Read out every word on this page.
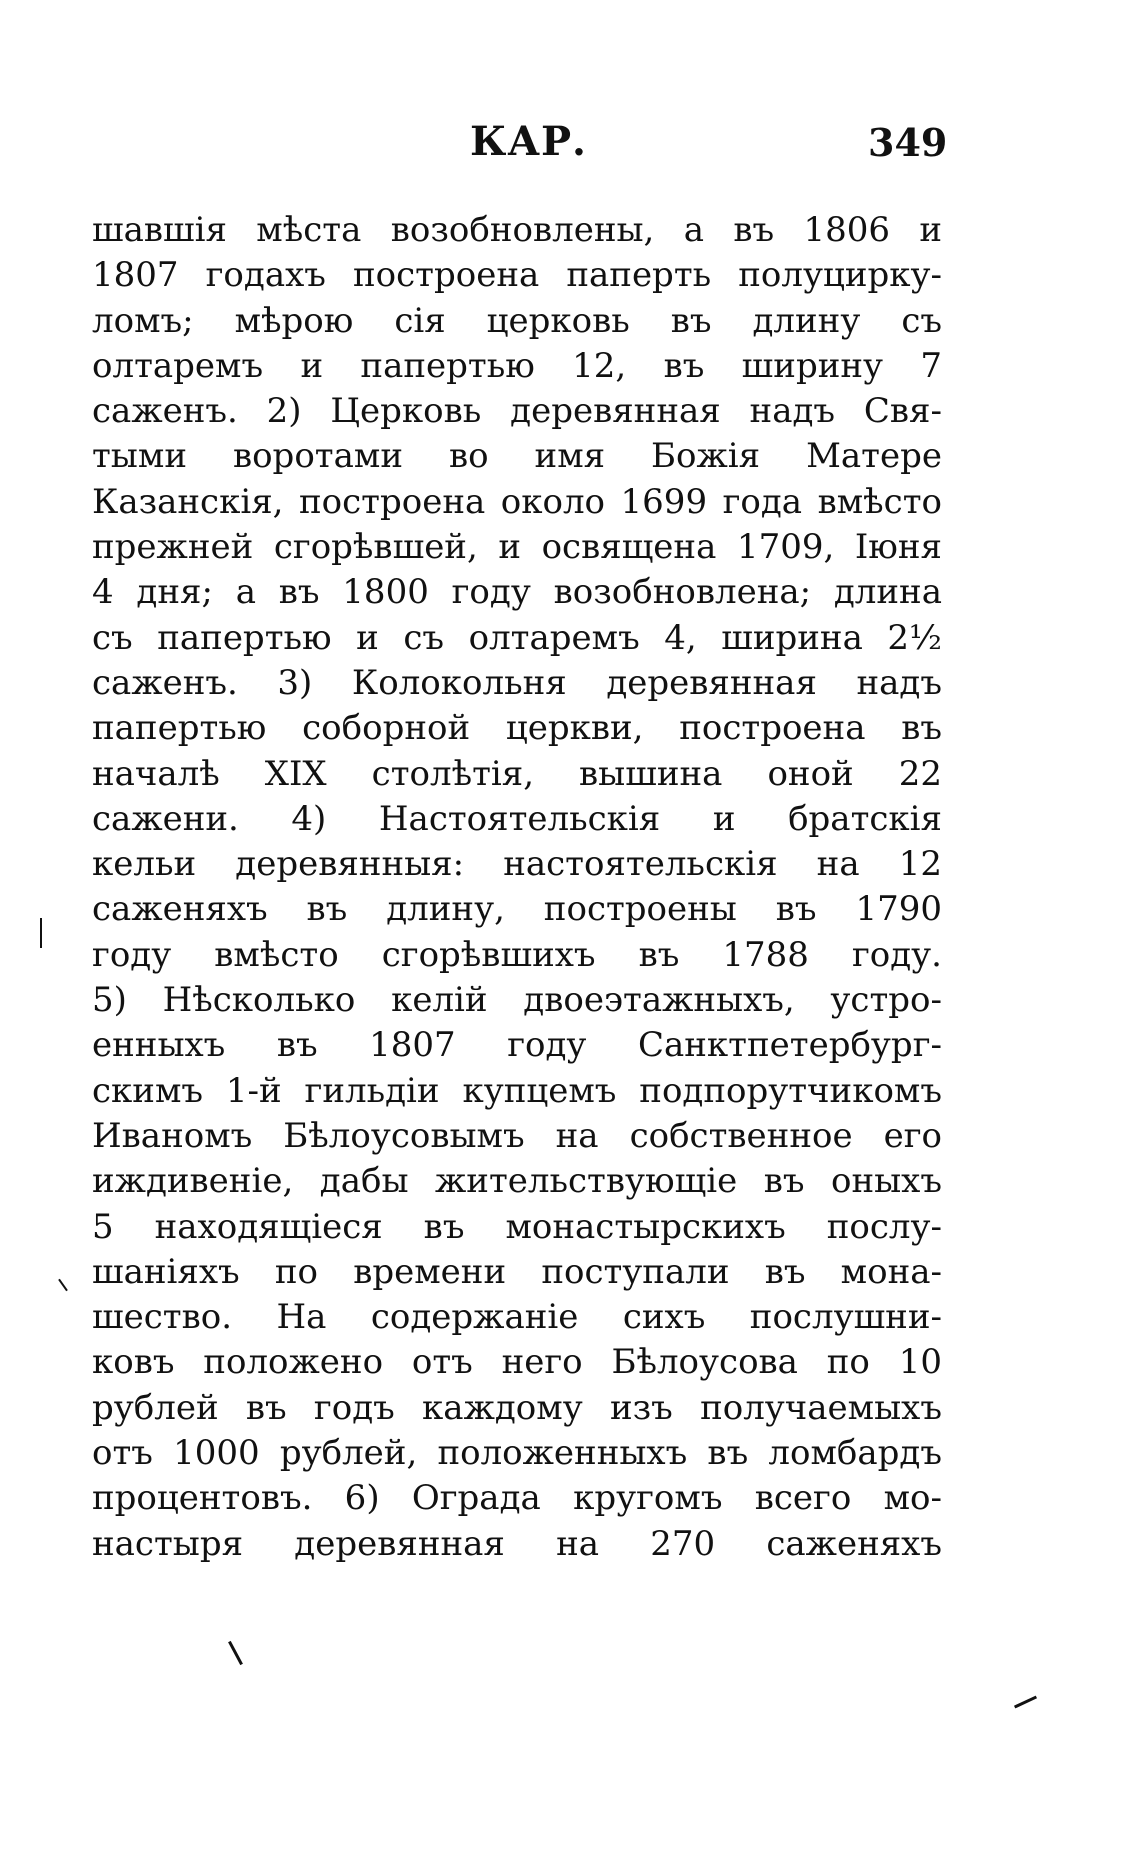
КАР.	349
шавшія мѣста возобновлены, а въ 1806 и
1807 годахъ построена паперть полуцирку-
ломъ; мѣрою сія церковь въ длину съ
олтаремъ и папертью 12, въ ширину 7
саженъ. 2) Церковь деревянная надъ Свя-
тыми воротами во имя Божія Матере
Казанскія, построена около 1699 года вмѣсто
прежней сгорѣвшей, и освящена 1709, Іюня
4 дня; а въ 1800 году возобновлена; длина
съ папертью и съ олтаремъ 4, ширина 2½
саженъ. 3) Колокольня деревянная надъ
папертью соборной церкви, построена въ
началѣ XIX столѣтія, вышина оной 22
сажени. 4) Настоятельскія и братскія
кельи деревянныя: настоятельскія на 12
саженяхъ въ длину, построены въ 1790
году вмѣсто сгорѣвшихъ въ 1788 году.
5) Нѣсколько келій двоеэтажныхъ, устро-
енныхъ въ 1807 году Санктпетербург-
скимъ 1-й гильдіи купцемъ подпорутчикомъ
Иваномъ Бѣлоусовымъ на собственное его
иждивеніе, дабы жительствующіе въ оныхъ
5 находящіеся въ монастырскихъ послу-
шаніяхъ по времени поступали въ мона-
шество. На содержаніе сихъ послушни-
ковъ положено отъ него Бѣлоусова по 10
рублей въ годъ каждому изъ получаемыхъ
отъ 1000 рублей, положенныхъ въ ломбардъ
процентовъ. 6) Ограда кругомъ всего мо-
настыря деревянная на 270 саженяхъ
